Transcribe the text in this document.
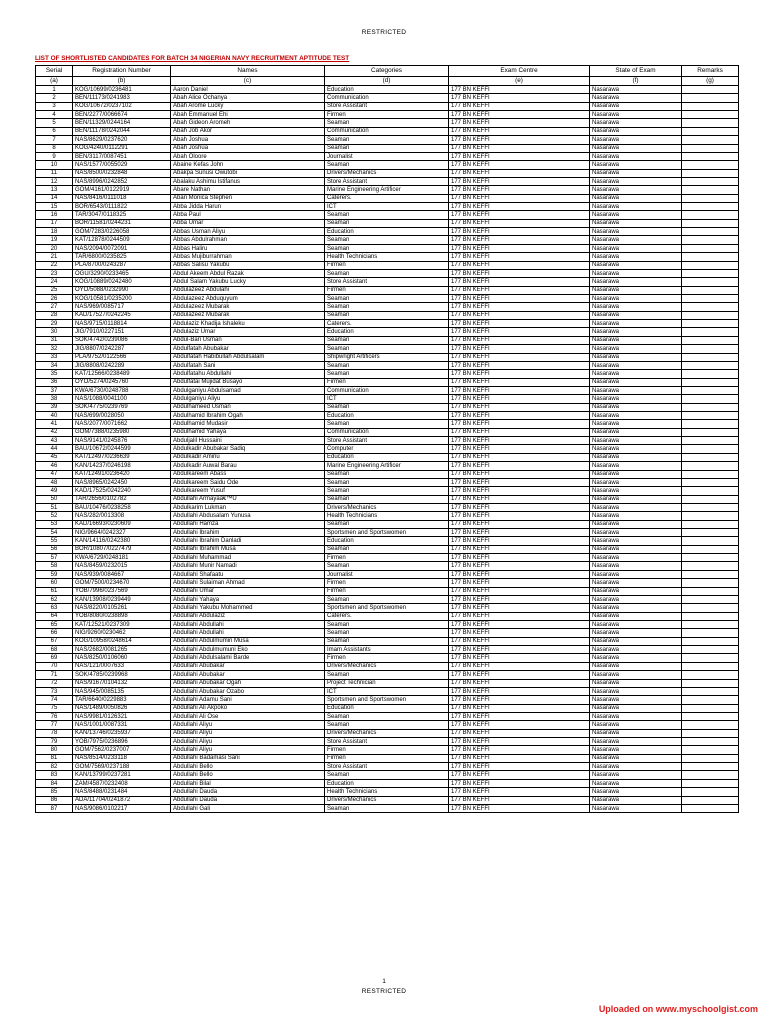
RESTRICTED
LIST OF SHORTLISTED CANDIDATES FOR BATCH 34 NIGERIAN NAVY RECRUITMENT APTITUDE TEST
Serial	Registration Number	Names	Categories	Exam Centre	State of Exam	Remarks
(a)	(b)	(c)	(d)	(e)	(f)	(g)
1	KOG/10699/0236481	Aaron Daniel	Education	177 BN KEFFI	Nasarawa	
2	BEN/11173/0241983	Abah Alice Ochanya	Communication	177 BN KEFFI	Nasarawa	
3	KOG/10672/0237102	Abah Arome Lucky	Store Assistant	177 BN KEFFI	Nasarawa	
4	BEN/2277/0066674	Abah Emmanuel Ehi	Firmen	177 BN KEFFI	Nasarawa	
5	BEN/11329/0244164	Abah Gideon Aromeh	Seaman	177 BN KEFFI	Nasarawa	
6	BEN/11178/0242044	Abah Job Akor	Communication	177 BN KEFFI	Nasarawa	
7	NAS/8629/0237620	Abah Joshua	Seaman	177 BN KEFFI	Nasarawa	
8	KOG/4240/0112291	Abah Joshua	Seaman	177 BN KEFFI	Nasarawa	
9	BEN/3117/0087451	Abah Oloore	Journalist	177 BN KEFFI	Nasarawa	
10	NAS/1577/0055029	Abaine Kefas John	Seaman	177 BN KEFFI	Nasarawa	
11	NAS/8500/0232848	Abakpa Sunusi Owutobi	Drivers/Mechanics	177 BN KEFFI	Nasarawa	
12	NAS/8996/0242852	Abalaku Ashimu Istifanus	Store Assistant	177 BN KEFFI	Nasarawa	
13	GOM/4161/0122919	Abare Nathan	Marine Engineering Artificer	177 BN KEFFI	Nasarawa	
14	NAS/8416/0111018	Abari Monica Stephen	Caterers.	177 BN KEFFI	Nasarawa	
15	BOR/6543/0111822	Abba Jidda Harun	ICT	177 BN KEFFI	Nasarawa	
16	TAR/3047/0118325	Abba Paul	Seaman	177 BN KEFFI	Nasarawa	
17	BOR/11581/0244231	Abba Umar	Seaman	177 BN KEFFI	Nasarawa	
18	GOM/7283/0226058	Abbas Usman Aliyu	Education	177 BN KEFFI	Nasarawa	
19	KAT/12878/0244509	Abbas Abdulrahman	Seaman	177 BN KEFFI	Nasarawa	
20	NAS/2094/0072091	Abbas Haliru	Seaman	177 BN KEFFI	Nasarawa	
21	TAR/6800/0235825	Abbas Mujiburrahman	Health Technicians	177 BN KEFFI	Nasarawa	
22	PLA/8700/0243287	Abbas Salisu Yakubu	Firmen	177 BN KEFFI	Nasarawa	
23	OGU/3290/0233465	Abdul Akeem Abdul Razak	Seaman	177 BN KEFFI	Nasarawa	
24	KOG/10889/0242480	Abdul Salam Yakubu Lucky	Store Assistant	177 BN KEFFI	Nasarawa	
25	OYO/5088/0232990	Abdulazeez Abdulahi	Firmen	177 BN KEFFI	Nasarawa	
26	KOG/10581/0235200	Abdulazeez Abduquyum	Seaman	177 BN KEFFI	Nasarawa	
27	NAS/969/0085717	Abdulazeez Mubarak	Seaman	177 BN KEFFI	Nasarawa	
28	KAD/17527/0242245	Abdulazeez Mubarak	Seaman	177 BN KEFFI	Nasarawa	
29	NAS/9715/0118814	Abdulaziz Khadija Ishaleku	Caterers.	177 BN KEFFI	Nasarawa	
30	JIG/7910/0227151	Abdulaziz Umar	Education	177 BN KEFFI	Nasarawa	
31	SOK/4742/0239086	Abdul-Bari Usman	Seaman	177 BN KEFFI	Nasarawa	
32	JIG/8807/0242287	Abdulfatah Abubakar	Seaman	177 BN KEFFI	Nasarawa	
33	PLA/9752/0122566	Abdulfatah Habibullah Abdulsalam	Shipwright Artificers	177 BN KEFFI	Nasarawa	
34	JIG/8808/0242289	Abdulfatah Sani	Seaman	177 BN KEFFI	Nasarawa	
35	KAT/12566/0238489	Abdulfatahu Abdullahi	Seaman	177 BN KEFFI	Nasarawa	
36	OYO/5274/0245760	Abdulfatai Mujidat Busayo	Firmen	177 BN KEFFI	Nasarawa	
37	KWA/6730/0248788	Abdulganiyu Abdulsamad	Communication	177 BN KEFFI	Nasarawa	
38	NAS/1088/0041100	Abdulganiyu Aliyu	ICT	177 BN KEFFI	Nasarawa	
39	SOK/4775/0239769	Abdulhameed Usman	Seaman	177 BN KEFFI	Nasarawa	
40	NAS/699/0028050	Abdulhamid Ibrahim Ogah	Education	177 BN KEFFI	Nasarawa	
41	NAS/2077/0071662	Abdulhamid Mudasir	Seaman	177 BN KEFFI	Nasarawa	
42	GOM/7388/0235980	Abdulhamid Yahaya	Communication	177 BN KEFFI	Nasarawa	
43	NAS/9141/0245876	Abduljalil Hussaini	Store Assistant	177 BN KEFFI	Nasarawa	
44	BAU/10672/0244599	Abdulkadir Abubakar Sadiq	Computer	177 BN KEFFI	Nasarawa	
45	KAT/12497/0236639	Abdulkadir Aminu	Education	177 BN KEFFI	Nasarawa	
46	KAN/14237/0246198	Abdulkadir Auwal Barau	Marine Engineering Artificer	177 BN KEFFI	Nasarawa	
47	KAT/12491/0236420	Abdulkareem Abass	Seaman	177 BN KEFFI	Nasarawa	
48	NAS/8965/0242450	Abdulkareem Saidu Ode	Seaman	177 BN KEFFI	Nasarawa	
49	KAD/17525/0242240	Abdulkareem Yusuf	Seaman	177 BN KEFFI	Nasarawa	
50	TAR/2656/0102782	Abdullahi Armayaâ€™U	Seaman	177 BN KEFFI	Nasarawa	
51	BAU/10476/0238258	Abdulkarim Lukman	Drivers/Mechanics	177 BN KEFFI	Nasarawa	
52	NAS/282/0013308	Abdullahi Abdusalam Yunusa	Health Technicians	177 BN KEFFI	Nasarawa	
53	KAD/16693/0230609	Abdullahi Hamza	Seaman	177 BN KEFFI	Nasarawa	
54	NIG/9664/0242327	Abdullahi Ibrahim	Sportsmen and Sportswomen	177 BN KEFFI	Nasarawa	
55	KAN/14116/0242380	Abdullahi Ibrahim Danladi	Education	177 BN KEFFI	Nasarawa	
56	BOR/10807/0227479	Abdullahi Ibrahim Musa	Seaman	177 BN KEFFI	Nasarawa	
57	KWA/6729/0248181	Abdullahi Muhammad	Firmen	177 BN KEFFI	Nasarawa	
58	NAS/8459/0232015	Abdullahi Munir Namadi	Seaman	177 BN KEFFI	Nasarawa	
59	NAS/939/0084667	Abdullahi Shafaatu	Journalist	177 BN KEFFI	Nasarawa	
60	GOM/7500/0234670	Abdullahi Sulaiman Ahmad	Firmen	177 BN KEFFI	Nasarawa	
61	YOB/7996/0237569	Abdullahi Umar	Firmen	177 BN KEFFI	Nasarawa	
62	KAN/13908/0239449	Abdullahi Yahaya	Seaman	177 BN KEFFI	Nasarawa	
63	NAS/8220/0105261	Abdullahi Yakubu Mohammed	Sportsmen and Sportswomen	177 BN KEFFI	Nasarawa	
64	YOB/8080/0238898	Abdullahi Abdulaziz	Caterers.	177 BN KEFFI	Nasarawa	
65	KAT/12521/0237309	Abdullahi Abdullahi	Seaman	177 BN KEFFI	Nasarawa	
66	NIG/9260/0230462	Abdullahi Abdullahi	Seaman	177 BN KEFFI	Nasarawa	
67	KOG/10958/0248614	Abdullahi Abdulmumin Musa	Seaman	177 BN KEFFI	Nasarawa	
68	NAS/2682/0081265	Abdullahi Abdulmumuni Eko	Imam Assistants	177 BN KEFFI	Nasarawa	
69	NAS/8250/0106060	Abdullahi Abdulsalami Barde	Firmen	177 BN KEFFI	Nasarawa	
70	NAS/121/0007633	Abdullahi Abubakar	Drivers/Mechanics	177 BN KEFFI	Nasarawa	
71	SOK/4785/0239968	Abdullahi Abubakar	Seaman	177 BN KEFFI	Nasarawa	
72	NAS/9167/0104132	Abdullahi Abubakar Ogah	Project Technician	177 BN KEFFI	Nasarawa	
73	NAS/945/0085135	Abdullahi Abubakar Ozabo	ICT	177 BN KEFFI	Nasarawa	
74	TAR/6640/0229883	Abdullahi Adamu Sani	Sportsmen and Sportswomen	177 BN KEFFI	Nasarawa	
75	NAS/1489/0050826	Abdullahi Ali Akpoko	Education	177 BN KEFFI	Nasarawa	
76	NAS/9981/0126321	Abdullahi Ali Ose	Seaman	177 BN KEFFI	Nasarawa	
77	NAS/1001/0087331	Abdullahi Aliyu	Seaman	177 BN KEFFI	Nasarawa	
78	KAN/13746/0235937	Abdullahi Aliyu	Drivers/Mechanics	177 BN KEFFI	Nasarawa	
79	YOB/7975/0236896	Abdullahi Aliyu	Store Assistant	177 BN KEFFI	Nasarawa	
80	GOM/7562/0237007	Abdullahi Aliyu	Firmen	177 BN KEFFI	Nasarawa	
81	NAS/8514/0233118	Abdullahi Badamasi Sani	Firmen	177 BN KEFFI	Nasarawa	
82	GOM/7569/0237188	Abdullahi Bello	Store Assistant	177 BN KEFFI	Nasarawa	
83	KAN/13799/0237281	Abdullahi Bello	Seaman	177 BN KEFFI	Nasarawa	
84	ZAM/4587/0232408	Abdullahi Bilal	Education	177 BN KEFFI	Nasarawa	
85	NAS/8488/0231484	Abdullahi Dauda	Health Technicians	177 BN KEFFI	Nasarawa	
86	ADA/11704/0241872	Abdullahi Dauda	Drivers/Mechanics	177 BN KEFFI	Nasarawa	
87	NAS/9086/0102217	Abdullahi Gali	Seaman	177 BN KEFFI	Nasarawa	
1
RESTRICTED
Uploaded on www.myschoolgist.com
